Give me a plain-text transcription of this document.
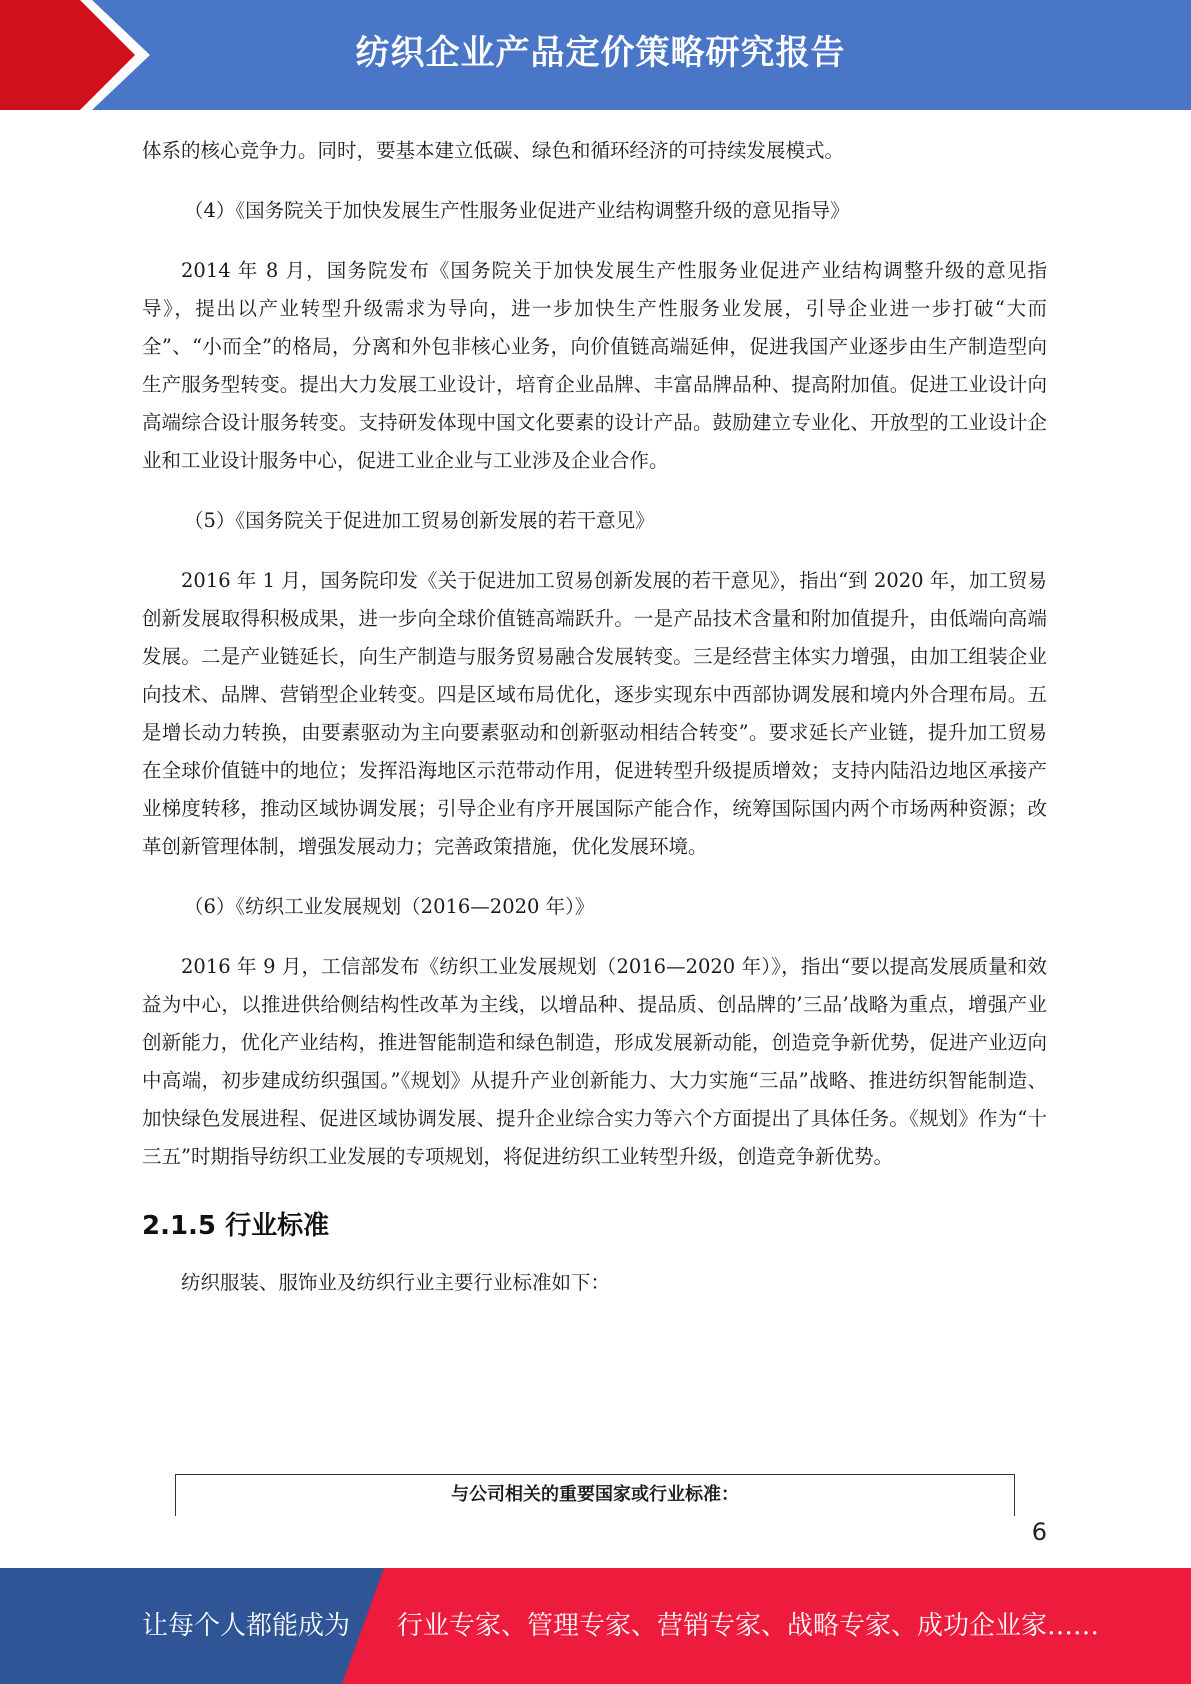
纺织企业产品定价策略研究报告

体系的核心竞争力。同时，要基本建立低碳、绿色和循环经济的可持续发展模式。

（4）《国务院关于加快发展生产性服务业促进产业结构调整升级的意见指导》

2014 年 8 月，国务院发布《国务院关于加快发展生产性服务业促进产业结构调整升级的意见指导》，提出以产业转型升级需求为导向，进一步加快生产性服务业发展，引导企业进一步打破“大而全”、“小而全”的格局，分离和外包非核心业务，向价值链高端延伸，促进我国产业逐步由生产制造型向生产服务型转变。提出大力发展工业设计，培育企业品牌、丰富品牌品种、提高附加值。促进工业设计向高端综合设计服务转变。支持研发体现中国文化要素的设计产品。鼓励建立专业化、开放型的工业设计企业和工业设计服务中心，促进工业企业与工业涉及企业合作。

（5）《国务院关于促进加工贸易创新发展的若干意见》

2016 年 1 月，国务院印发《关于促进加工贸易创新发展的若干意见》，指出“到 2020 年，加工贸易创新发展取得积极成果，进一步向全球价值链高端跃升。一是产品技术含量和附加值提升，由低端向高端发展。二是产业链延长，向生产制造与服务贸易融合发展转变。三是经营主体实力增强，由加工组装企业向技术、品牌、营销型企业转变。四是区域布局优化，逐步实现东中西部协调发展和境内外合理布局。五是增长动力转换，由要素驱动为主向要素驱动和创新驱动相结合转变”。要求延长产业链，提升加工贸易在全球价值链中的地位；发挥沿海地区示范带动作用，促进转型升级提质增效；支持内陆沿边地区承接产业梯度转移，推动区域协调发展；引导企业有序开展国际产能合作，统筹国际国内两个市场两种资源；改革创新管理体制，增强发展动力；完善政策措施，优化发展环境。

（6）《纺织工业发展规划（2016—2020 年）》

2016 年 9 月，工信部发布《纺织工业发展规划（2016—2020 年）》，指出“要以提高发展质量和效益为中心，以推进供给侧结构性改革为主线，以增品种、提品质、创品牌的’三品’战略为重点，增强产业创新能力，优化产业结构，推进智能制造和绿色制造，形成发展新动能，创造竞争新优势，促进产业迈向中高端，初步建成纺织强国。”《规划》从提升产业创新能力、大力实施“三品”战略、推进纺织智能制造、加快绿色发展进程、促进区域协调发展、提升企业综合实力等六个方面提出了具体任务。《规划》作为“十三五”时期指导纺织工业发展的专项规划，将促进纺织工业转型升级，创造竞争新优势。

2.1.5 行业标准

纺织服装、服饰业及纺织行业主要行业标准如下：

与公司相关的重要国家或行业标准：
6
让每个人都能成为 行业专家、管理专家、营销专家、战略专家、成功企业家……
